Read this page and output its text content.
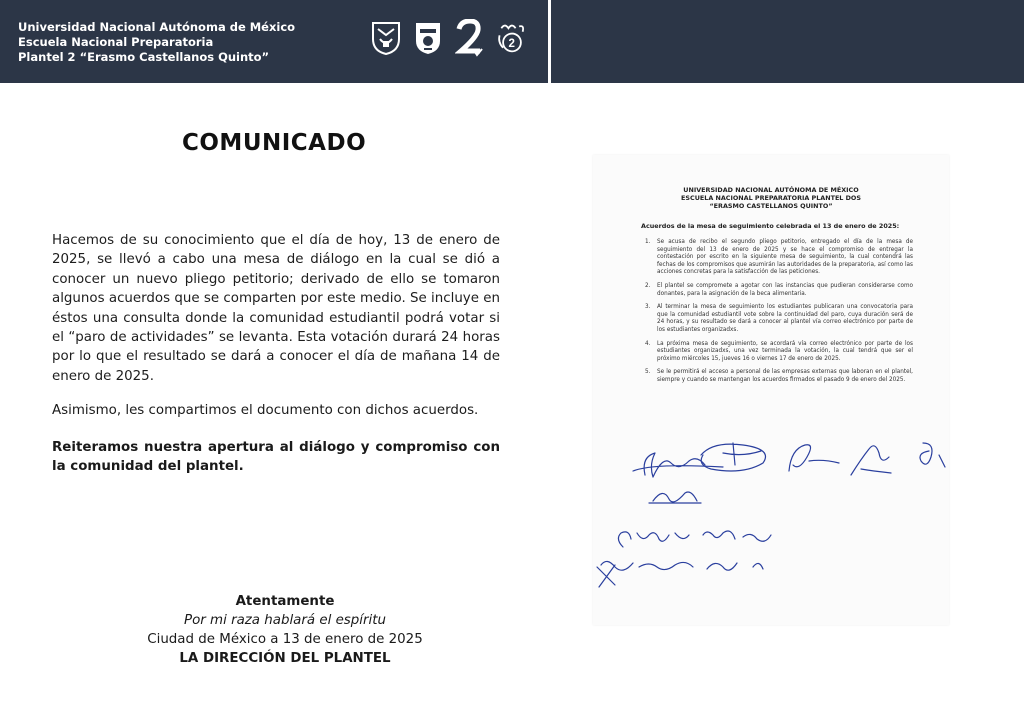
Universidad Nacional Autónoma de México
Escuela Nacional Preparatoria
Plantel 2 “Erasmo Castellanos Quinto”
2
COMUNICADO

Hacemos de su conocimiento que el día de hoy, 13 de enero de 2025, se llevó a cabo una mesa de diálogo en la cual se dió a conocer un nuevo pliego petitorio; derivado de ello se tomaron algunos acuerdos que se comparten por este medio. Se incluye en éstos una consulta donde la comunidad estudiantil podrá votar si el “paro de actividades” se levanta. Esta votación durará 24 horas por lo que el resultado se dará a conocer el día de mañana 14 de enero de 2025.

Asimismo, les compartimos el documento con dichos acuerdos.

Reiteramos nuestra apertura al diálogo y compromiso con la comunidad del plantel.

Atentamente
Por mi raza hablará el espíritu
Ciudad de México a 13 de enero de 2025
LA DIRECCIÓN DEL PLANTEL
UNIVERSIDAD NACIONAL AUTÓNOMA DE MÉXICO
ESCUELA NACIONAL PREPARATORIA PLANTEL DOS
“ERASMO CASTELLANOS QUINTO”
Acuerdos de la mesa de seguimiento celebrada el 13 de enero de 2025:
1.	Se acusa de recibo el segundo pliego petitorio, entregado el día de la mesa de seguimiento del 13 de enero de 2025 y se hace el compromiso de entregar la contestación por escrito en la siguiente mesa de seguimiento, la cual contendrá las fechas de los compromisos que asumirán las autoridades de la preparatoria, así como las acciones concretas para la satisfacción de las peticiones.
2.	El plantel se compromete a agotar con las instancias que pudieran considerarse como donantes, para la asignación de la beca alimentaria.
3.	Al terminar la mesa de seguimiento los estudiantes publicaran una convocatoria para que la comunidad estudiantil vote sobre la continuidad del paro, cuya duración será de 24 horas, y su resultado se dará a conocer al plantel vía correo electrónico por parte de los estudiantes organizadxs.
4.	La próxima mesa de seguimiento, se acordará vía correo electrónico por parte de los estudiantes organizadxs, una vez terminada la votación, la cual tendrá que ser el próximo miércoles 15, jueves 16 o viernes 17 de enero de 2025.
5.	Se le permitirá el acceso a personal de las empresas externas que laboran en el plantel, siempre y cuando se mantengan los acuerdos firmados el pasado 9 de enero del 2025.
